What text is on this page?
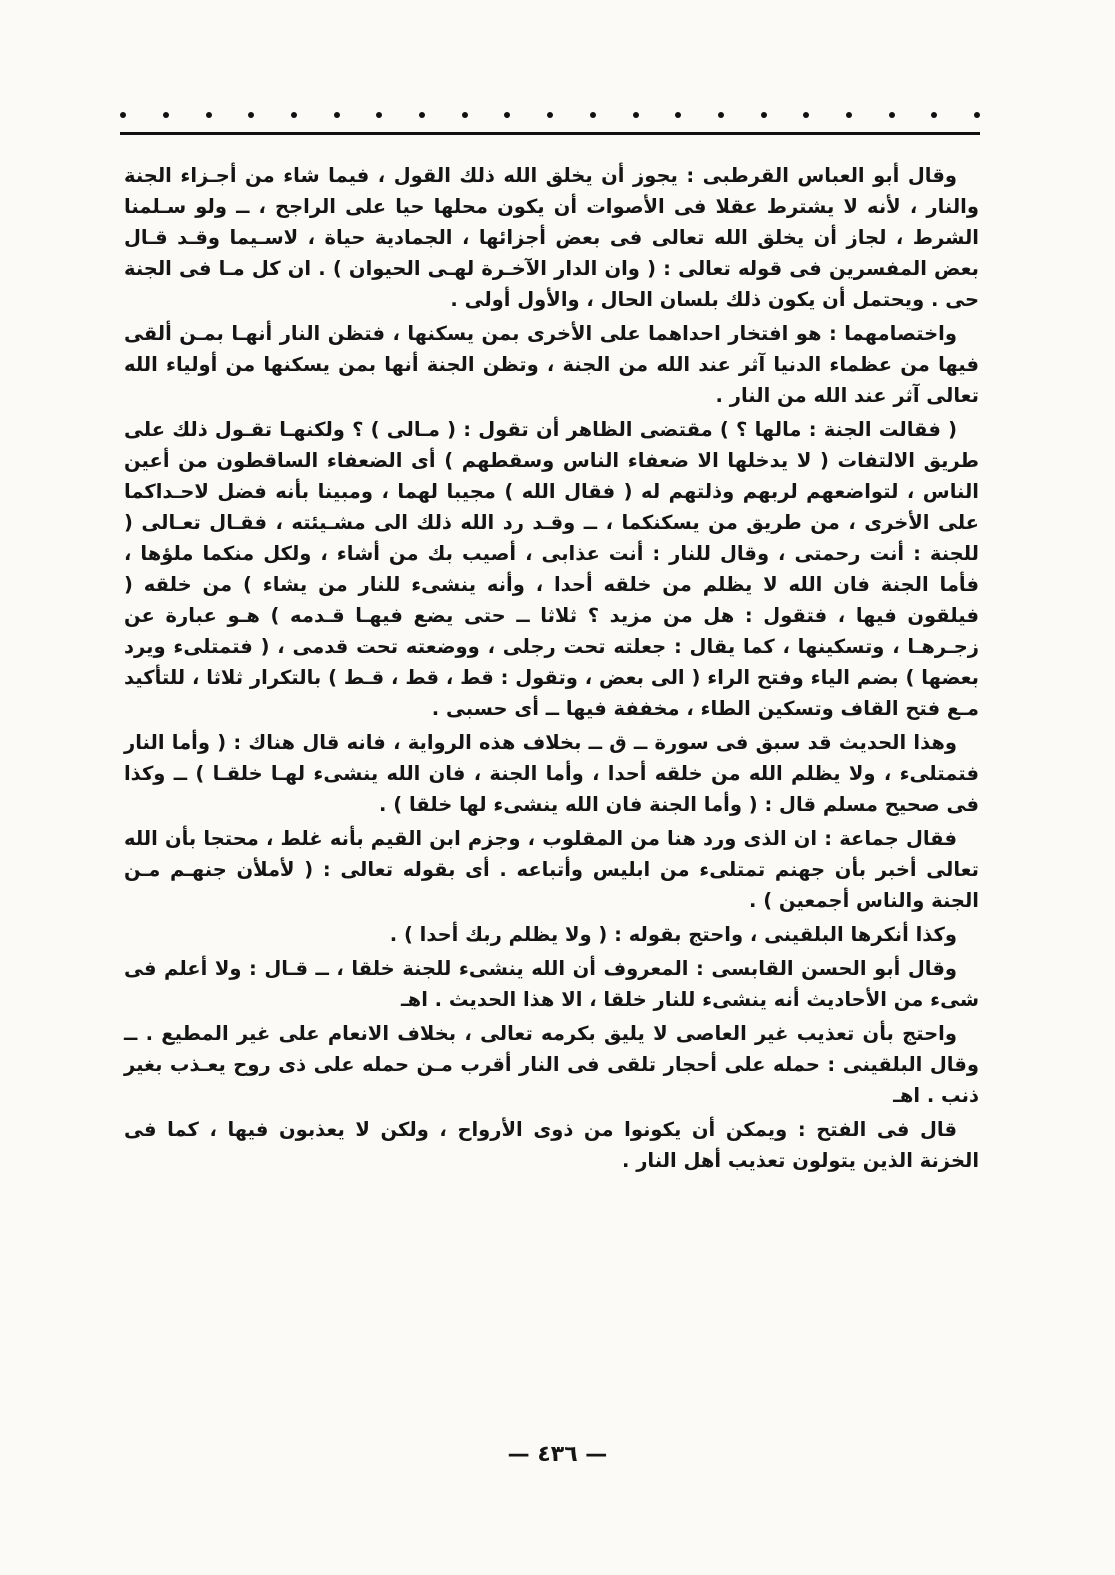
وقال أبو العباس القرطبى : يجوز أن يخلق الله ذلك القول ، فيما شاء من أجـزاء الجنة والنار ، لأنه لا يشترط عقلا فى الأصوات أن يكون محلها حيا على الراجح ، ــ ولو سـلمنا الشرط ، لجاز أن يخلق الله تعالى فى بعض أجزائها ، الجمادية حياة ، لاسـيما وقـد قـال بعض المفسرين فى قوله تعالى : ( وان الدار الآخـرة لهـى الحيوان ) . ان كل مـا فى الجنة حى . ويحتمل أن يكون ذلك بلسان الحال ، والأول أولى .

واختصامهما : هو افتخار احداهما على الأخرى بمن يسكنها ، فتظن النار أنهـا بمـن ألقى فيها من عظماء الدنيا آثر عند الله من الجنة ، وتظن الجنة أنها بمن يسكنها من أولياء الله تعالى آثر عند الله من النار .

( فقالت الجنة : مالها ؟ ) مقتضى الظاهر أن تقول : ( مـالى ) ؟ ولكنهـا تقـول ذلك على طريق الالتفات ( لا يدخلها الا ضعفاء الناس وسقطهم ) أى الضعفاء الساقطون من أعين الناس ، لتواضعهم لربهم وذلتهم له ( فقال الله ) مجيبا لهما ، ومبينا بأنه فضل لاحـداكما على الأخرى ، من طريق من يسكنكما ، ــ وقـد رد الله ذلك الى مشـيئته ، فقـال تعـالى ( للجنة : أنت رحمتى ، وقال للنار : أنت عذابى ، أصيب بك من أشاء ، ولكل منكما ملؤها ، فأما الجنة فان الله لا يظلم من خلقه أحدا ، وأنه ينشىء للنار من يشاء ) من خلقه ( فيلقون فيها ، فتقول : هل من مزيد ؟ ثلاثا ــ حتى يضع فيهـا قـدمه ) هـو عبارة عن زجـرهـا ، وتسكينها ، كما يقال : جعلته تحت رجلى ، ووضعته تحت قدمى ، ( فتمتلىء ويرد بعضها ) بضم الياء وفتح الراء ( الى بعض ، وتقول : قط ، قط ، قـط ) بالتكرار ثلاثا ، للتأكيد مـع فتح القاف وتسكين الطاء ، مخففة فيها ــ أى حسبى .

وهذا الحديث قد سبق فى سورة ــ ق ــ بخلاف هذه الرواية ، فانه قال هناك : ( وأما النار فتمتلىء ، ولا يظلم الله من خلقه أحدا ، وأما الجنة ، فان الله ينشىء لهـا خلقـا ) ــ وكذا فى صحيح مسلم قال : ( وأما الجنة فان الله ينشىء لها خلقا ) .

فقال جماعة : ان الذى ورد هنا من المقلوب ، وجزم ابن القيم بأنه غلط ، محتجا بأن الله تعالى أخبر بأن جهنم تمتلىء من ابليس وأتباعه . أى بقوله تعالى : ( لأملأن جنهـم مـن الجنة والناس أجمعين ) .

وكذا أنكرها البلقينى ، واحتج بقوله : ( ولا يظلم ربك أحدا ) .

وقال أبو الحسن القابسى : المعروف أن الله ينشىء للجنة خلقا ، ــ قـال : ولا أعلم فى شىء من الأحاديث أنه ينشىء للنار خلقا ، الا هذا الحديث . اهـ

واحتج بأن تعذيب غير العاصى لا يليق بكرمه تعالى ، بخلاف الانعام على غير المطيع . ــ وقال البلقينى : حمله على أحجار تلقى فى النار أقرب مـن حمله على ذى روح يعـذب بغير ذنب . اهـ

قال فى الفتح : ويمكن أن يكونوا من ذوى الأرواح ، ولكن لا يعذبون فيها ، كما فى الخزنة الذين يتولون تعذيب أهل النار .

— ٤٣٦ —
